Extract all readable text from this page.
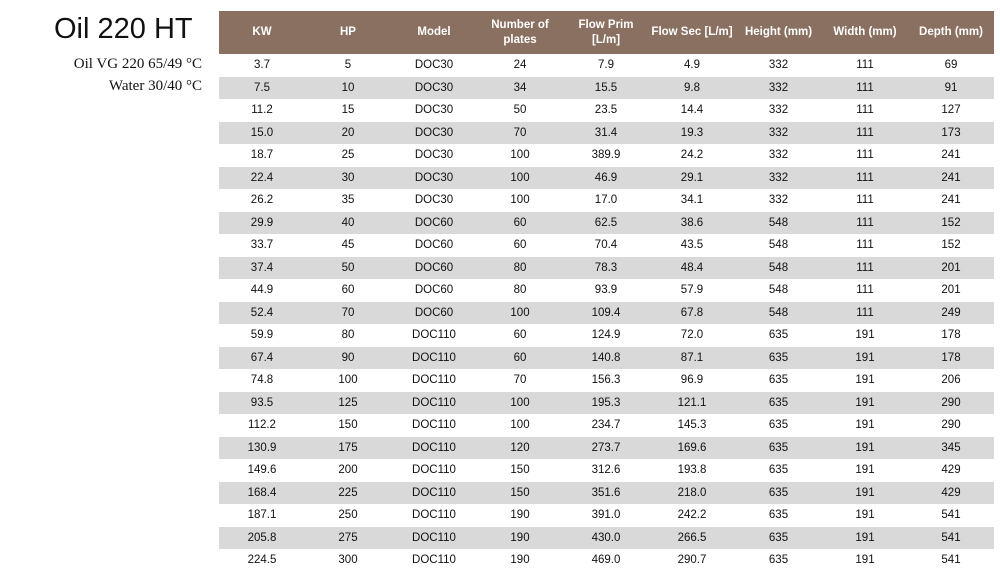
Oil 220 HT
Oil VG 220 65/49 °C
Water 30/40 °C
KW	HP	Model	Number of plates	Flow Prim [L/m]	Flow Sec [L/m]	Height (mm)	Width (mm)	Depth (mm)
3.7	5	DOC30	24	7.9	4.9	332	111	69
7.5	10	DOC30	34	15.5	9.8	332	111	91
11.2	15	DOC30	50	23.5	14.4	332	111	127
15.0	20	DOC30	70	31.4	19.3	332	111	173
18.7	25	DOC30	100	389.9	24.2	332	111	241
22.4	30	DOC30	100	46.9	29.1	332	111	241
26.2	35	DOC30	100	17.0	34.1	332	111	241
29.9	40	DOC60	60	62.5	38.6	548	111	152
33.7	45	DOC60	60	70.4	43.5	548	111	152
37.4	50	DOC60	80	78.3	48.4	548	111	201
44.9	60	DOC60	80	93.9	57.9	548	111	201
52.4	70	DOC60	100	109.4	67.8	548	111	249
59.9	80	DOC110	60	124.9	72.0	635	191	178
67.4	90	DOC110	60	140.8	87.1	635	191	178
74.8	100	DOC110	70	156.3	96.9	635	191	206
93.5	125	DOC110	100	195.3	121.1	635	191	290
112.2	150	DOC110	100	234.7	145.3	635	191	290
130.9	175	DOC110	120	273.7	169.6	635	191	345
149.6	200	DOC110	150	312.6	193.8	635	191	429
168.4	225	DOC110	150	351.6	218.0	635	191	429
187.1	250	DOC110	190	391.0	242.2	635	191	541
205.8	275	DOC110	190	430.0	266.5	635	191	541
224.5	300	DOC110	190	469.0	290.7	635	191	541
